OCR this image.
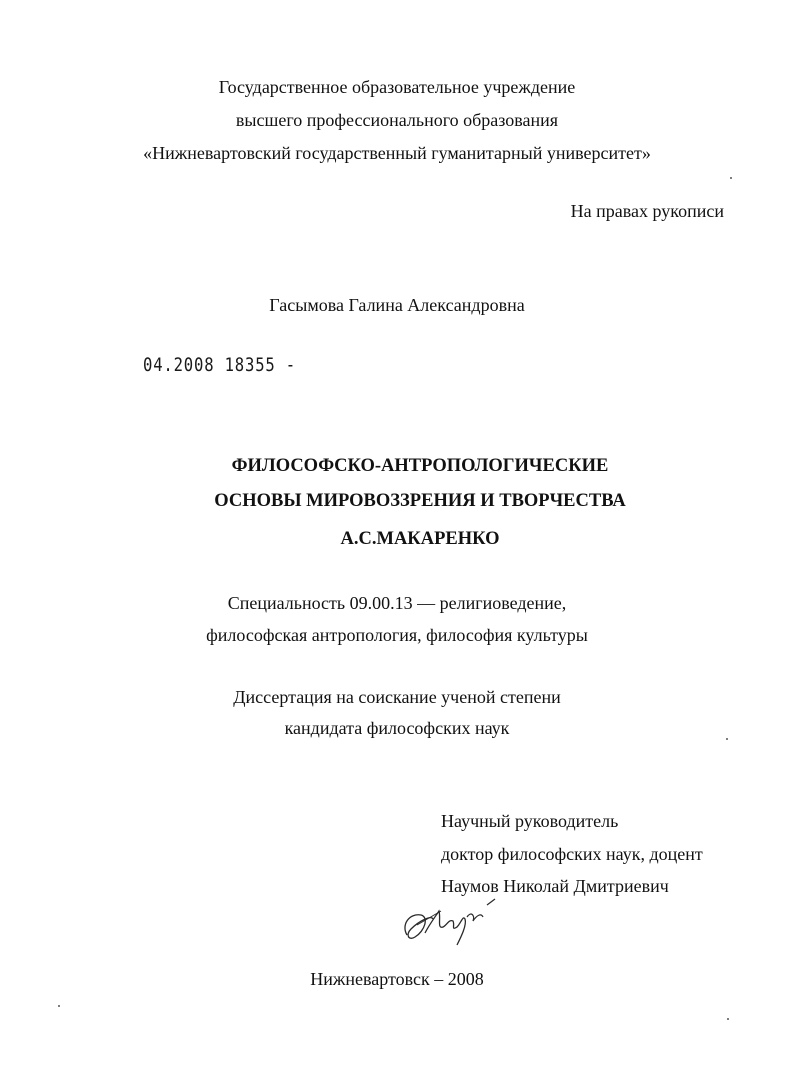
Государственное образовательное учреждение
высшего профессионального образования
«Нижневартовский государственный гуманитарный университет»
На правах рукописи
Гасымова Галина Александровна
04.2008 18355 -
ФИЛОСОФСКО-АНТРОПОЛОГИЧЕСКИЕ
ОСНОВЫ МИРОВОЗЗРЕНИЯ И ТВОРЧЕСТВА
А.С.МАКАРЕНКО
Специальность 09.00.13 — религиоведение,
философская антропология, философия культуры
Диссертация на соискание ученой степени
кандидата философских наук
Научный руководитель
доктор философских наук, доцент
Наумов Николай Дмитриевич
Нижневартовск – 2008
